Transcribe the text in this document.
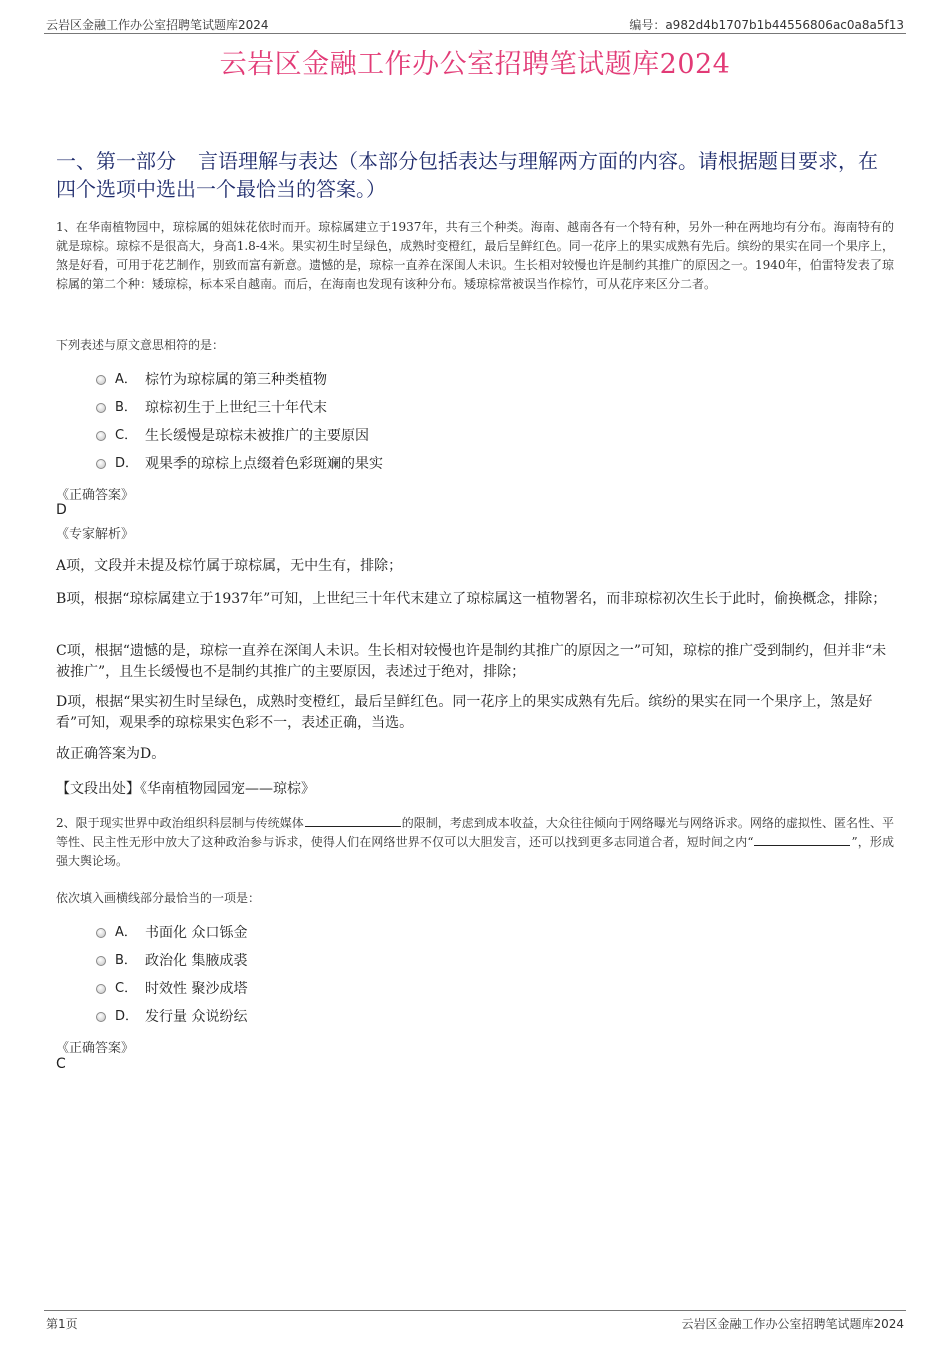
云岩区金融工作办公室招聘笔试题库2024	编号：a982d4b1707b1b44556806ac0a8a5f13
云岩区金融工作办公室招聘笔试题库2024
一、第一部分 言语理解与表达（本部分包括表达与理解两方面的内容。请根据题目要求，在四个选项中选出一个最恰当的答案。）
1、在华南植物园中，琼棕属的姐妹花依时而开。琼棕属建立于1937年，共有三个种类。海南、越南各有一个特有种，另外一种在两地均有分布。海南特有的就是琼棕。琼棕不是很高大，身高1.8-4米。果实初生时呈绿色，成熟时变橙红，最后呈鲜红色。同一花序上的果实成熟有先后。缤纷的果实在同一个果序上，煞是好看，可用于花艺制作，别致而富有新意。遗憾的是，琼棕一直养在深闺人未识。生长相对较慢也许是制约其推广的原因之一。1940年，伯雷特发表了琼棕属的第二个种：矮琼棕，标本采自越南。而后，在海南也发现有该种分布。矮琼棕常被误当作棕竹，可从花序来区分二者。
下列表述与原文意思相符的是：
A． 棕竹为琼棕属的第三种类植物
B． 琼棕初生于上世纪三十年代末
C． 生长缓慢是琼棕未被推广的主要原因
D． 观果季的琼棕上点缀着色彩斑斓的果实
《正确答案》
D
《专家解析》
A项，文段并未提及棕竹属于琼棕属，无中生有，排除；
B项，根据“琼棕属建立于1937年”可知，上世纪三十年代末建立了琼棕属这一植物署名，而非琼棕初次生长于此时，偷换概念，排除；
C项，根据“遗憾的是，琼棕一直养在深闺人未识。生长相对较慢也许是制约其推广的原因之一”可知，琼棕的推广受到制约，但并非“未被推广”，且生长缓慢也不是制约其推广的主要原因，表述过于绝对，排除；
D项，根据“果实初生时呈绿色，成熟时变橙红，最后呈鲜红色。同一花序上的果实成熟有先后。缤纷的果实在同一个果序上，煞是好看”可知，观果季的琼棕果实色彩不一，表述正确，当选。
故正确答案为D。
【文段出处】《华南植物园园宠——琼棕》
2、限于现实世界中政治组织科层制与传统媒体	的限制，考虑到成本收益，大众往往倾向于网络曝光与网络诉求。网络的虚拟性、匿名性、平等性、民主性无形中放大了这种政治参与诉求，使得人们在网络世界不仅可以大胆发言，还可以找到更多志同道合者，短时间之内“	”，形成强大舆论场。
依次填入画横线部分最恰当的一项是：
A． 书面化 众口铄金
B． 政治化 集腋成裘
C． 时效性 聚沙成塔
D． 发行量 众说纷纭
《正确答案》
C
第1页	云岩区金融工作办公室招聘笔试题库2024
